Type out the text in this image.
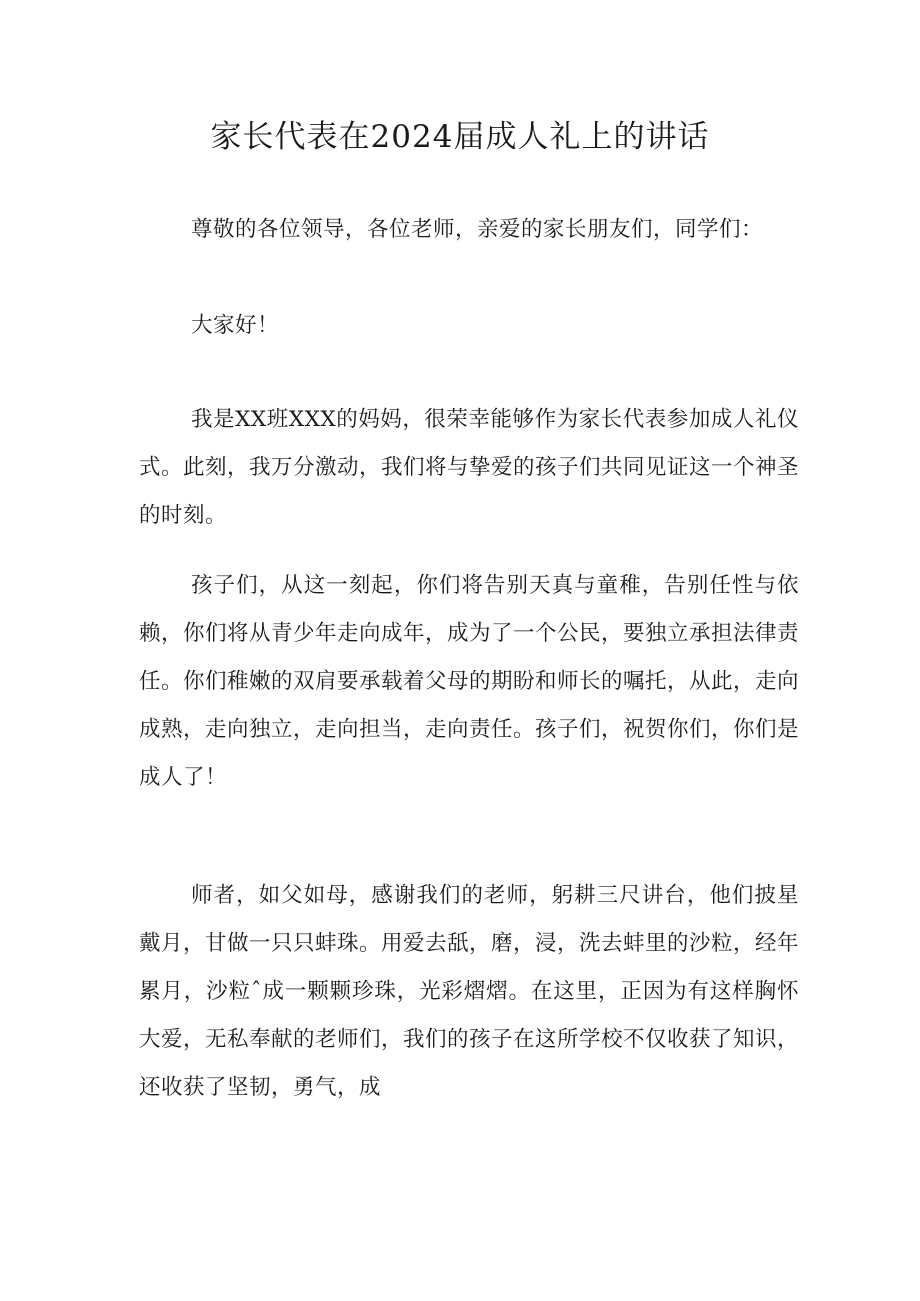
家长代表在2024届成人礼上的讲话

尊敬的各位领导，各位老师，亲爱的家长朋友们，同学们：

大家好！

我是XX班XXX的妈妈，很荣幸能够作为家长代表参加成人礼仪式。此刻，我万分激动，我们将与挚爱的孩子们共同见证这一个神圣的时刻。

孩子们，从这一刻起，你们将告别天真与童稚，告别任性与依赖，你们将从青少年走向成年，成为了一个公民，要独立承担法律责任。你们稚嫩的双肩要承载着父母的期盼和师长的嘱托，从此，走向成熟，走向独立，走向担当，走向责任。孩子们，祝贺你们，你们是成人了！

师者，如父如母，感谢我们的老师，躬耕三尺讲台，他们披星戴月，甘做一只只蚌珠。用爱去舐，磨，浸，洗去蚌里的沙粒，经年累月，沙粒ˆ成一颗颗珍珠，光彩熠熠。在这里，正因为有这样胸怀大爱，无私奉献的老师们，我们的孩子在这所学校不仅收获了知识，还收获了坚韧，勇气，成
